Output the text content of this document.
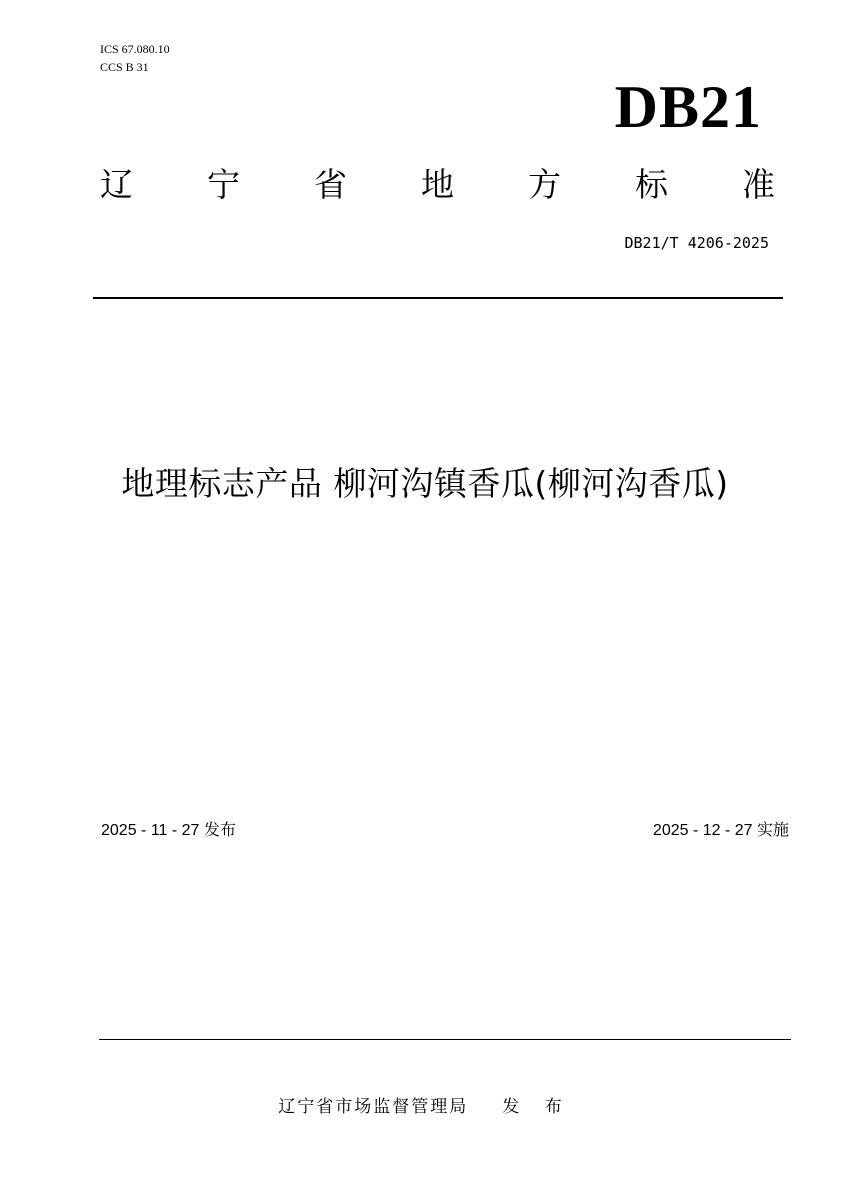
ICS 67.080.10
CCS B 31
DB21
辽 宁 省 地 方 标 准
DB21/T 4206-2025
地理标志产品 柳河沟镇香瓜(柳河沟香瓜)
2025 - 11 - 27 发布	2025 - 12 - 27 实施
辽宁省市场监督管理局 发 布
